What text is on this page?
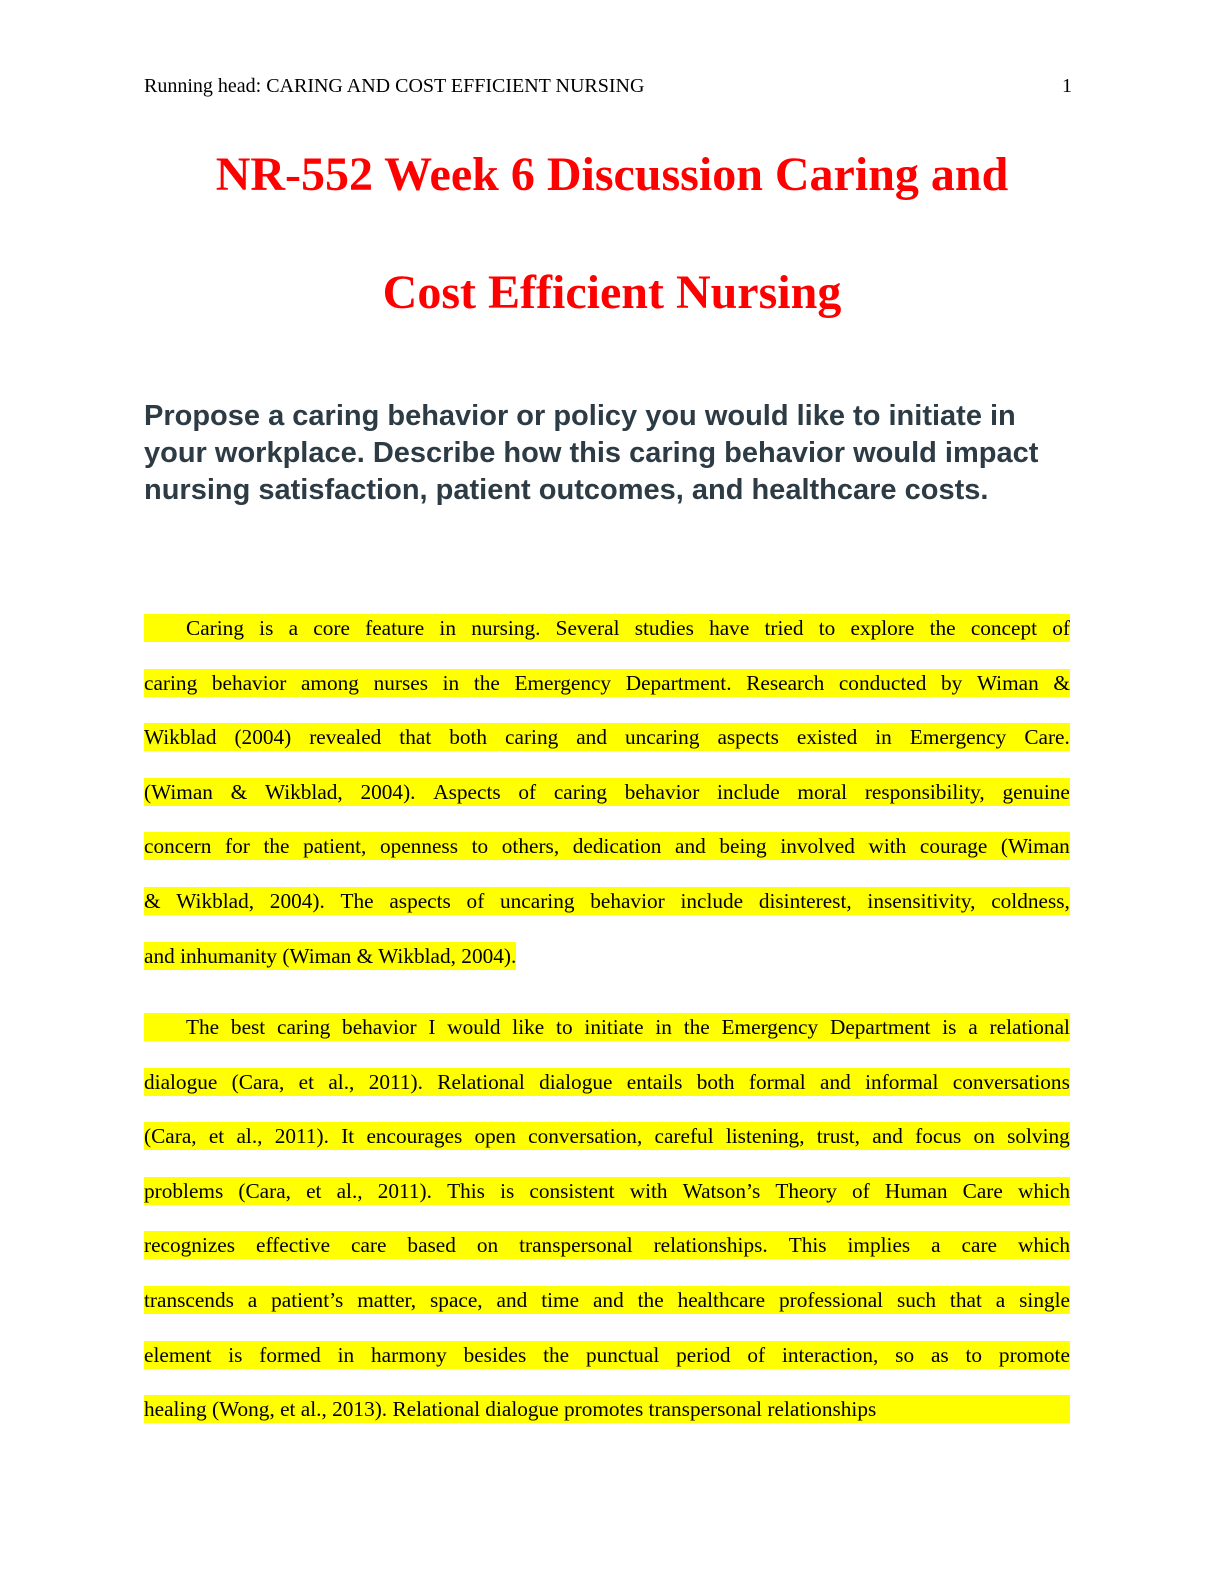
Running head: CARING AND COST EFFICIENT NURSING	1
NR-552 Week 6 Discussion Caring and
Cost Efficient Nursing

Propose a caring behavior or policy you would like to initiate in your workplace. Describe how this caring behavior would impact nursing satisfaction, patient outcomes, and healthcare costs.

Caring is a core feature in nursing. Several studies have tried to explore the concept of
caring behavior among nurses in the Emergency Department. Research conducted by Wiman &
Wikblad (2004) revealed that both caring and uncaring aspects existed in Emergency Care.
(Wiman & Wikblad, 2004). Aspects of caring behavior include moral responsibility, genuine
concern for the patient, openness to others, dedication and being involved with courage (Wiman
& Wikblad, 2004). The aspects of uncaring behavior include disinterest, insensitivity, coldness,
and inhumanity (Wiman & Wikblad, 2004).
The best caring behavior I would like to initiate in the Emergency Department is a relational
dialogue (Cara, et al., 2011). Relational dialogue entails both formal and informal conversations
(Cara, et al., 2011). It encourages open conversation, careful listening, trust, and focus on solving
problems (Cara, et al., 2011). This is consistent with Watson’s Theory of Human Care which
recognizes effective care based on transpersonal relationships. This implies a care which
transcends a patient’s matter, space, and time and the healthcare professional such that a single
element is formed in harmony besides the punctual period of interaction, so as to promote
healing (Wong, et al., 2013). Relational dialogue promotes transpersonal relationships
